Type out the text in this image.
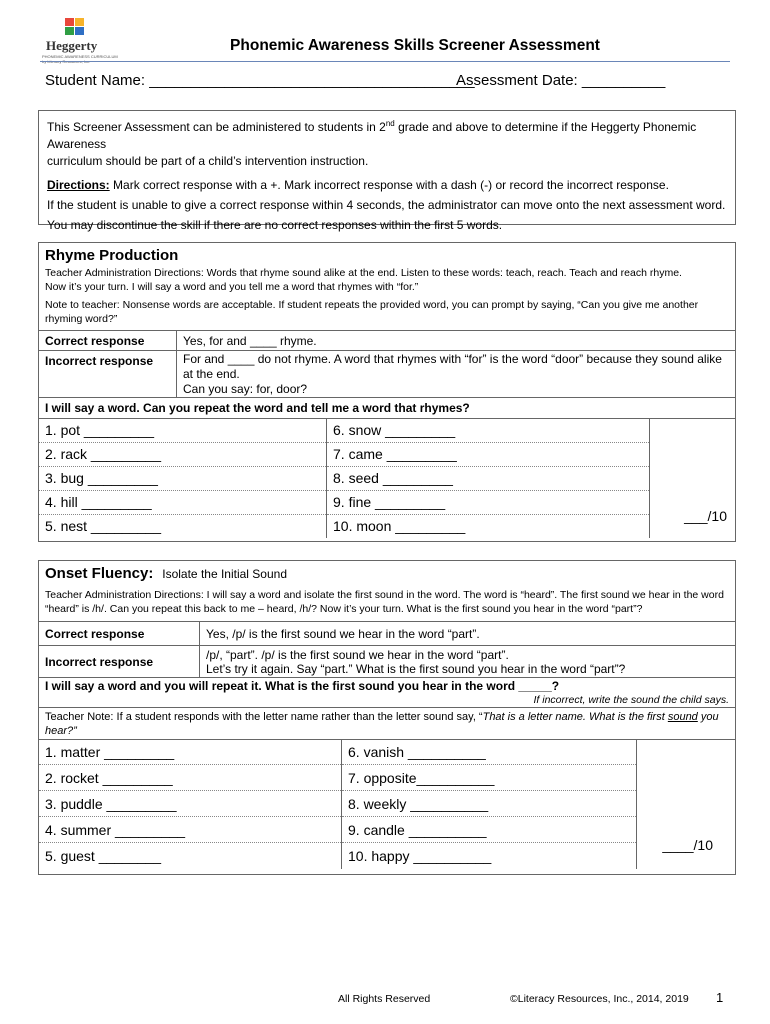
Heggerty
PHONEMIC AWARENESS CURRICULUM
Phonemic Awareness Skills Screener Assessment
Student Name: _______________________________________
Assessment Date: __________
This Screener Assessment can be administered to students in 2nd grade and above to determine if the Heggerty Phonemic Awareness
curriculum should be part of a child’s intervention instruction.
Directions: Mark correct response with a +. Mark incorrect response with a dash (-) or record the incorrect response.
If the student is unable to give a correct response within 4 seconds, the administrator can move onto the next assessment word.
You may discontinue the skill if there are no correct responses within the first 5 words.
Rhyme Production
Teacher Administration Directions: Words that rhyme sound alike at the end. Listen to these words: teach, reach. Teach and reach rhyme.
Now it’s your turn. I will say a word and you tell me a word that rhymes with “for.”
Note to teacher: Nonsense words are acceptable. If student repeats the provided word, you can prompt by saying, “Can you give me another
rhyming word?”
Correct response	Yes, for and ____ rhyme.
Incorrect response	For and ____ do not rhyme. A word that rhymes with “for” is the word “door” because they sound alike at the end.
Can you say: for, door?

I will say a word. Can you repeat the word and tell me a word that rhymes?	
1. pot _________	6. snow _________	___/10
2. rack _________	7. came _________	
3. bug _________	8. seed _________	
4. hill _________	9. fine _________	
5. nest _________	10. moon _________	
Onset Fluency: Isolate the Initial Sound
Teacher Administration Directions: I will say a word and isolate the first sound in the word. The word is “heard”. The first sound we hear in the word
“heard” is /h/. Can you repeat this back to me – heard, /h/? Now it’s your turn. What is the first sound you hear in the word “part”?
Correct response	Yes, /p/ is the first sound we hear in the word “part”.
Incorrect response	/p/, “part”. /p/ is the first sound we hear in the word “part”.
Let’s try it again. Say “part.” What is the first sound you hear in the word “part”?

I will say a word and you will repeat it. What is the first sound you hear in the word _____?	
If incorrect, write the sound the child says.	

Teacher Note: If a student responds with the letter name rather than the letter sound say, “That is a letter name. What is the first sound you
hear?”	
1. matter _________	6. vanish __________	____/10
2. rocket _________	7. opposite__________	
3. puddle _________	8. weekly __________	
4. summer _________	9. candle __________	
5. guest ________	10. happy __________	
All Rights Reserved	©Literacy Resources, Inc., 2014, 2019 1
